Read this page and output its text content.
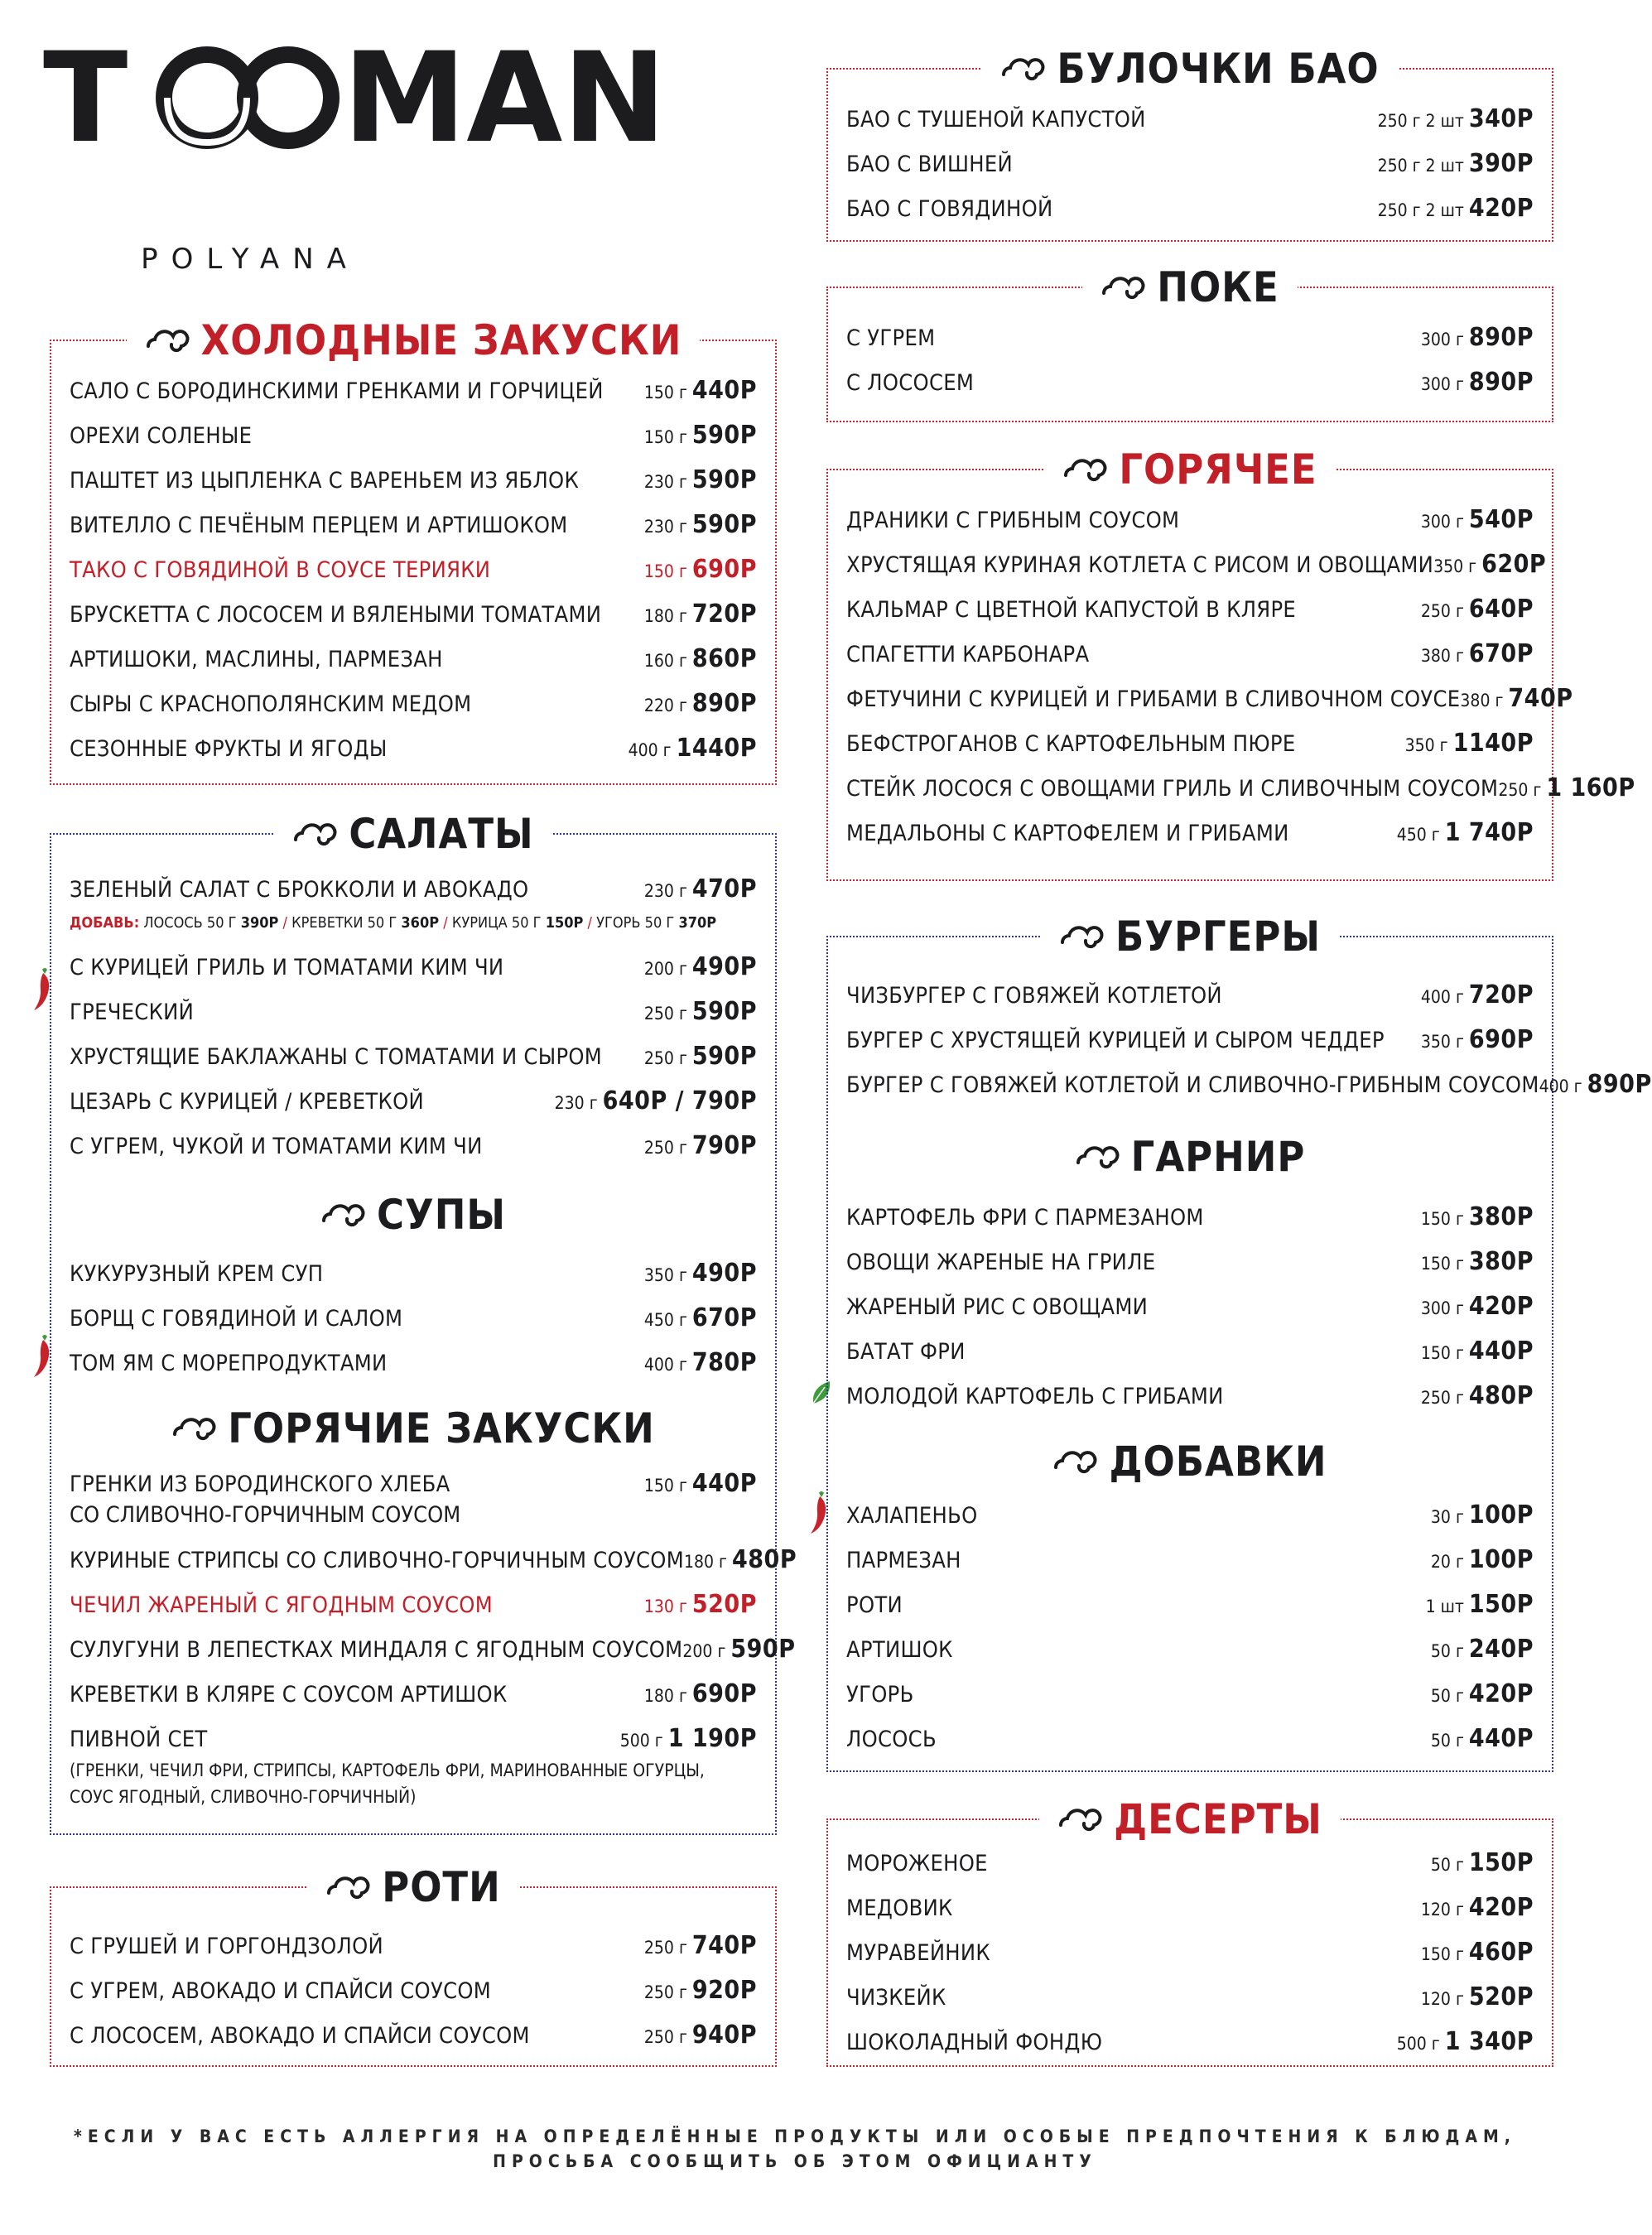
T MAN
POLYANA
ХОЛОДНЫЕ ЗАКУСКИ
САЛО С БОРОДИНСКИМИ ГРЕНКАМИ И ГОРЧИЦЕЙ 150 г 440Р
ОРЕХИ СОЛЕНЫЕ	150 г 590Р
ПАШТЕТ ИЗ ЦЫПЛЕНКА С ВАРЕНЬЕМ ИЗ ЯБЛОК	230 г 590Р
ВИТЕЛЛО С ПЕЧЁНЫМ ПЕРЦЕМ И АРТИШОКОМ	230 г 590Р
ТАКО С ГОВЯДИНОЙ В СОУСЕ ТЕРИЯКИ	150 г 690Р
БРУСКЕТТА С ЛОСОСЕМ И ВЯЛЕНЫМИ ТОМАТАМИ 180 г 720Р
АРТИШОКИ, МАСЛИНЫ, ПАРМЕЗАН	160 г 860Р
СЫРЫ С КРАСНОПОЛЯНСКИМ МЕДОМ	220 г 890Р
СЕЗОННЫЕ ФРУКТЫ И ЯГОДЫ	400 г 1440Р
САЛАТЫ
ЗЕЛЕНЫЙ САЛАТ С БРОККОЛИ И АВОКАДО	230 г 470Р
ДОБАВЬ: ЛОСОСЬ 50 Г 390Р / КРЕВЕТКИ 50 Г 360Р / КУРИЦА 50 Г 150Р / УГОРЬ 50 Г 370Р
С КУРИЦЕЙ ГРИЛЬ И ТОМАТАМИ КИМ ЧИ	200 г 490Р
ГРЕЧЕСКИЙ	250 г 590Р
ХРУСТЯЩИЕ БАКЛАЖАНЫ С ТОМАТАМИ И СЫРОМ 250 г 590Р
ЦЕЗАРЬ С КУРИЦЕЙ / КРЕВЕТКОЙ	230 г 640Р / 790Р
С УГРЕМ, ЧУКОЙ И ТОМАТАМИ КИМ ЧИ	250 г 790Р
СУПЫ
КУКУРУЗНЫЙ КРЕМ СУП	350 г 490Р
БОРЩ С ГОВЯДИНОЙ И САЛОМ	450 г 670Р
ТОМ ЯМ С МОРЕПРОДУКТАМИ	400 г 780Р
ГОРЯЧИЕ ЗАКУСКИ
ГРЕНКИ ИЗ БОРОДИНСКОГО ХЛЕБА	150 г 440Р
СО СЛИВОЧНО-ГОРЧИЧНЫМ СОУСОМ
КУРИНЫЕ СТРИПСЫ СО СЛИВОЧНО-ГОРЧИЧНЫМ СОУСОМ 180 г 480Р
ЧЕЧИЛ ЖАРЕНЫЙ С ЯГОДНЫМ СОУСОМ	130 г 520Р
СУЛУГУНИ В ЛЕПЕСТКАХ МИНДАЛЯ С ЯГОДНЫМ СОУСОМ 200 г 590Р
КРЕВЕТКИ В КЛЯРЕ С СОУСОМ АРТИШОК	180 г 690Р
ПИВНОЙ СЕТ	500 г 1 190Р
(ГРЕНКИ, ЧЕЧИЛ ФРИ, СТРИПСЫ, КАРТОФЕЛЬ ФРИ, МАРИНОВАННЫЕ ОГУРЦЫ,
СОУС ЯГОДНЫЙ, СЛИВОЧНО-ГОРЧИЧНЫЙ)
РОТИ
С ГРУШЕЙ И ГОРГОНДЗОЛОЙ	250 г 740Р
С УГРЕМ, АВОКАДО И СПАЙСИ СОУСОМ	250 г 920Р
С ЛОСОСЕМ, АВОКАДО И СПАЙСИ СОУСОМ	250 г 940Р
БУЛОЧКИ БАО
БАО С ТУШЕНОЙ КАПУСТОЙ	250 г 2 шт 340Р
БАО С ВИШНЕЙ	250 г 2 шт 390Р
БАО С ГОВЯДИНОЙ	250 г 2 шт 420Р
ПОКЕ
С УГРЕМ	300 г 890Р
С ЛОСОСЕМ	300 г 890Р
ГОРЯЧЕЕ
ДРАНИКИ С ГРИБНЫМ СОУСОМ	300 г 540Р
ХРУСТЯЩАЯ КУРИНАЯ КОТЛЕТА С РИСОМ И ОВОЩАМИ 350 г 620Р
КАЛЬМАР С ЦВЕТНОЙ КАПУСТОЙ В КЛЯРЕ	250 г 640Р
СПАГЕТТИ КАРБОНАРА	380 г 670Р
ФЕТУЧИНИ С КУРИЦЕЙ И ГРИБАМИ В СЛИВОЧНОМ СОУСЕ 380 г 740Р
БЕФСТРОГАНОВ С КАРТОФЕЛЬНЫМ ПЮРЕ	350 г 1140Р
СТЕЙК ЛОСОСЯ С ОВОЩАМИ ГРИЛЬ И СЛИВОЧНЫМ СОУСОМ 250 г 1 160Р
МЕДАЛЬОНЫ С КАРТОФЕЛЕМ И ГРИБАМИ	450 г 1 740Р
БУРГЕРЫ
ЧИЗБУРГЕР С ГОВЯЖЕЙ КОТЛЕТОЙ	400 г 720Р
БУРГЕР С ХРУСТЯЩЕЙ КУРИЦЕЙ И СЫРОМ ЧЕДДЕР 350 г 690Р
БУРГЕР С ГОВЯЖЕЙ КОТЛЕТОЙ И СЛИВОЧНО-ГРИБНЫМ СОУСОМ 400 г 890Р
ГАРНИР
КАРТОФЕЛЬ ФРИ С ПАРМЕЗАНОМ	150 г 380Р
ОВОЩИ ЖАРЕНЫЕ НА ГРИЛЕ	150 г 380Р
ЖАРЕНЫЙ РИС С ОВОЩАМИ	300 г 420Р
БАТАТ ФРИ	150 г 440Р
МОЛОДОЙ КАРТОФЕЛЬ С ГРИБАМИ	250 г 480Р
ДОБАВКИ
ХАЛАПЕНЬО	30 г 100Р
ПАРМЕЗАН	20 г 100Р
РОТИ	1 шт 150Р
АРТИШОК	50 г 240Р
УГОРЬ	50 г 420Р
ЛОСОСЬ	50 г 440Р
ДЕСЕРТЫ
МОРОЖЕНОЕ	50 г 150Р
МЕДОВИК	120 г 420Р
МУРАВЕЙНИК	150 г 460Р
ЧИЗКЕЙК	120 г 520Р
ШОКОЛАДНЫЙ ФОНДЮ	500 г 1 340Р
*ЕСЛИ У ВАС ЕСТЬ АЛЛЕРГИЯ НА ОПРЕДЕЛЁННЫЕ ПРОДУКТЫ ИЛИ ОСОБЫЕ ПРЕДПОЧТЕНИЯ К БЛЮДАМ,
ПРОСЬБА СООБЩИТЬ ОБ ЭТОМ ОФИЦИАНТУ
